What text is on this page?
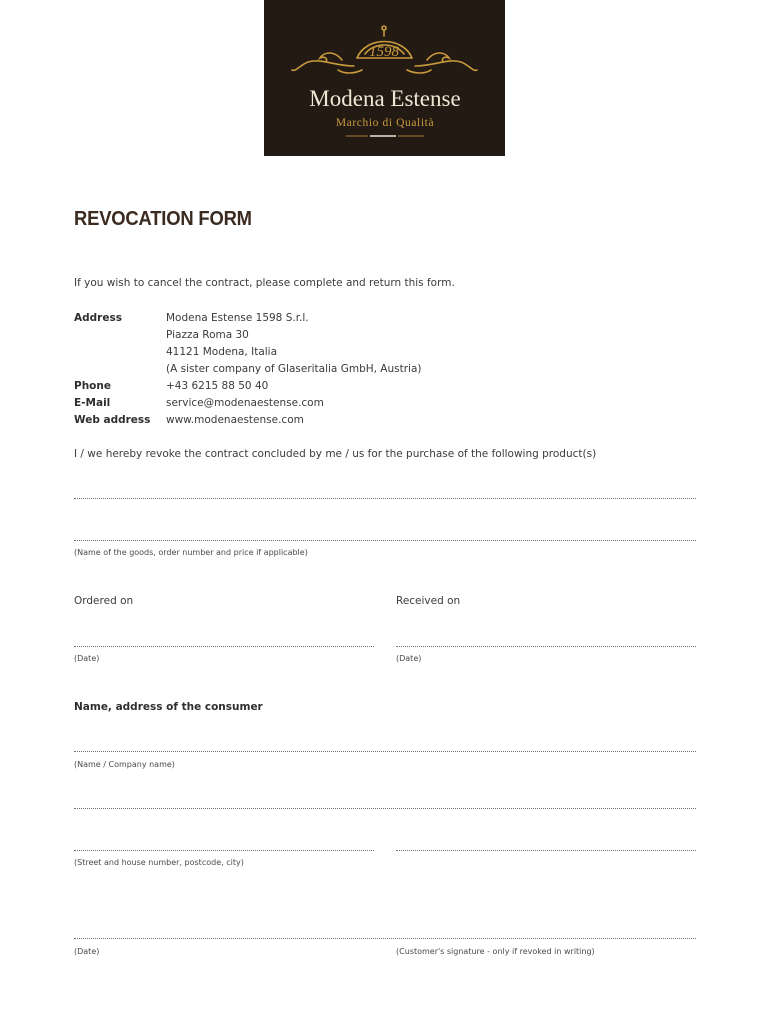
1598
Modena Estense
Marchio di Qualità
REVOCATION FORM
If you wish to cancel the contract, please complete and return this form.
Address	Modena Estense 1598 S.r.l.
Piazza Roma 30
41121 Modena, Italia
(A sister company of Glaseritalia GmbH, Austria)
Phone	+43 6215 88 50 40
E-Mail	service@modenaestense.com
Web address www.modenaestense.com
I / we hereby revoke the contract concluded by me / us for the purchase of the following product(s)
(Name of the goods, order number and price if applicable)
Ordered on	Received on
(Date)	(Date)
Name, address of the consumer
(Name / Company name)
(Street and house number, postcode, city)
(Date)	(Customer's signature - only if revoked in writing)
